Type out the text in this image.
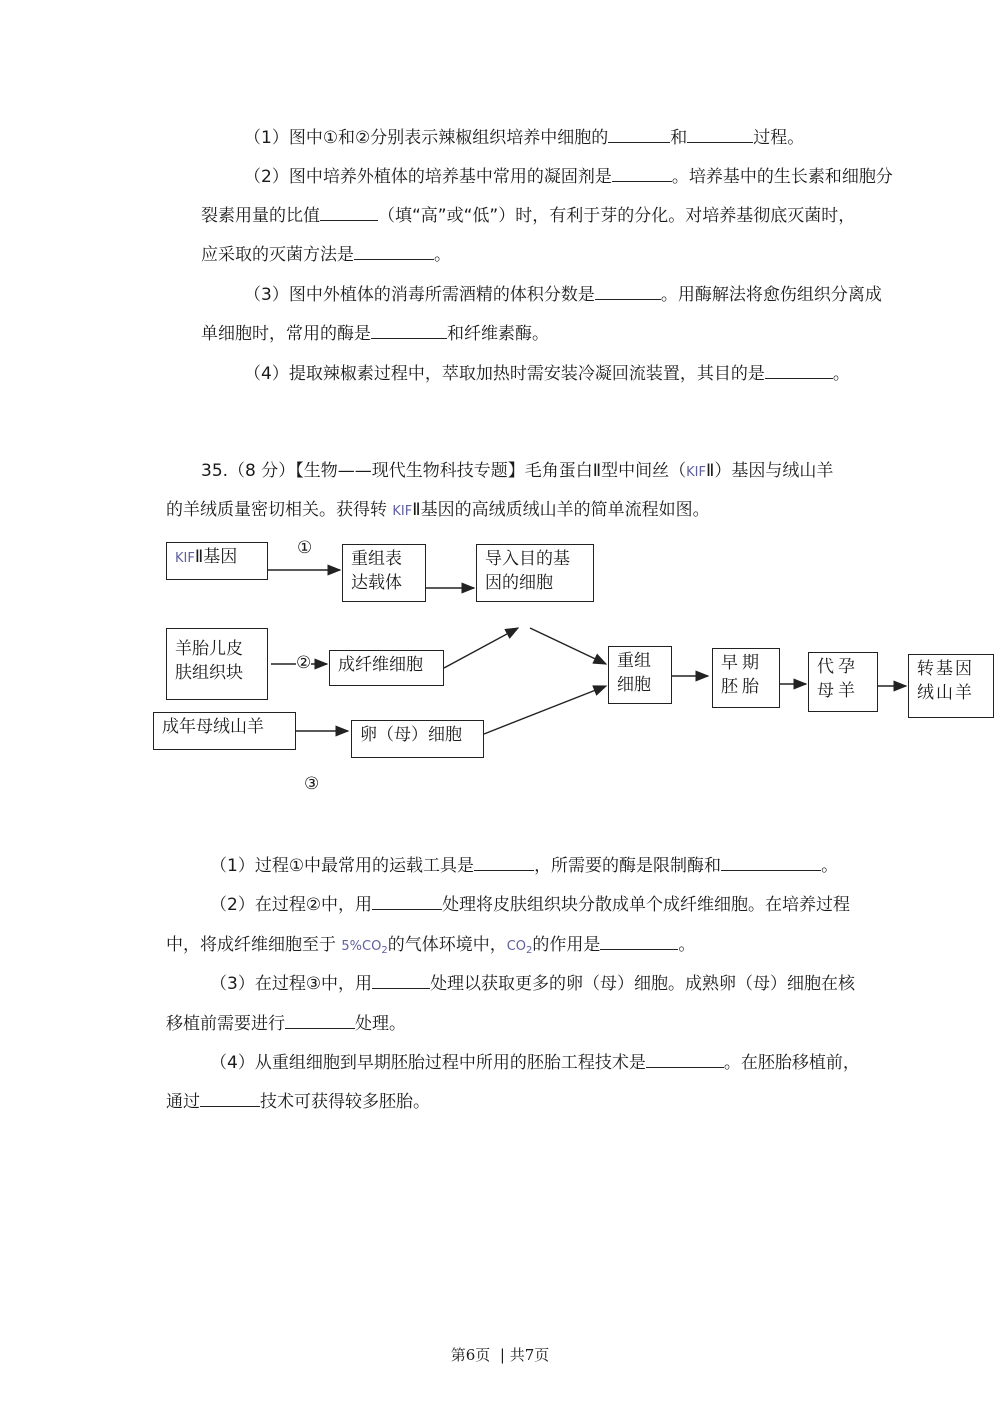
（1）图中①和②分别表示辣椒组织培养中细胞的	和	过程。
（2）图中培养外植体的培养基中常用的凝固剂是	。培养基中的生长素和细胞分
裂素用量的比值	（填“高”或“低”）时，有利于芽的分化。对培养基彻底灭菌时，
应采取的灭菌方法是	。
（3）图中外植体的消毒所需酒精的体积分数是	。用酶解法将愈伤组织分离成
单细胞时，常用的酶是	和纤维素酶。
（4）提取辣椒素过程中，萃取加热时需安装冷凝回流装置，其目的是	。
35.（8 分）【生物——现代生物科技专题】毛角蛋白Ⅱ型中间丝（KIFⅡ）基因与绒山羊
的羊绒质量密切相关。获得转 KIFⅡ基因的高绒质绒山羊的简单流程如图。
KIFⅡ基因	①
重组表
达载体
导入目的基
因的细胞
羊胎儿皮
肤组织块	②	成纤维细胞
成年母绒山羊	卵（母）细胞
③
重组
细胞
早期
胚胎
代孕
母羊
转基因
绒山羊
（1）过程①中最常用的运载工具是	，所需要的酶是限制酶和	。
（2）在过程②中，用	处理将皮肤组织块分散成单个成纤维细胞。在培养过程
中，将成纤维细胞至于 $5\%CO_2$的气体环境中，$CO_2$的作用是	。
（3）在过程③中，用	处理以获取更多的卵（母）细胞。成熟卵（母）细胞在核
移植前需要进行	处理。
（4）从重组细胞到早期胚胎过程中所用的胚胎工程技术是	。在胚胎移植前，
通过	技术可获得较多胚胎。
第6页 | 共7页
